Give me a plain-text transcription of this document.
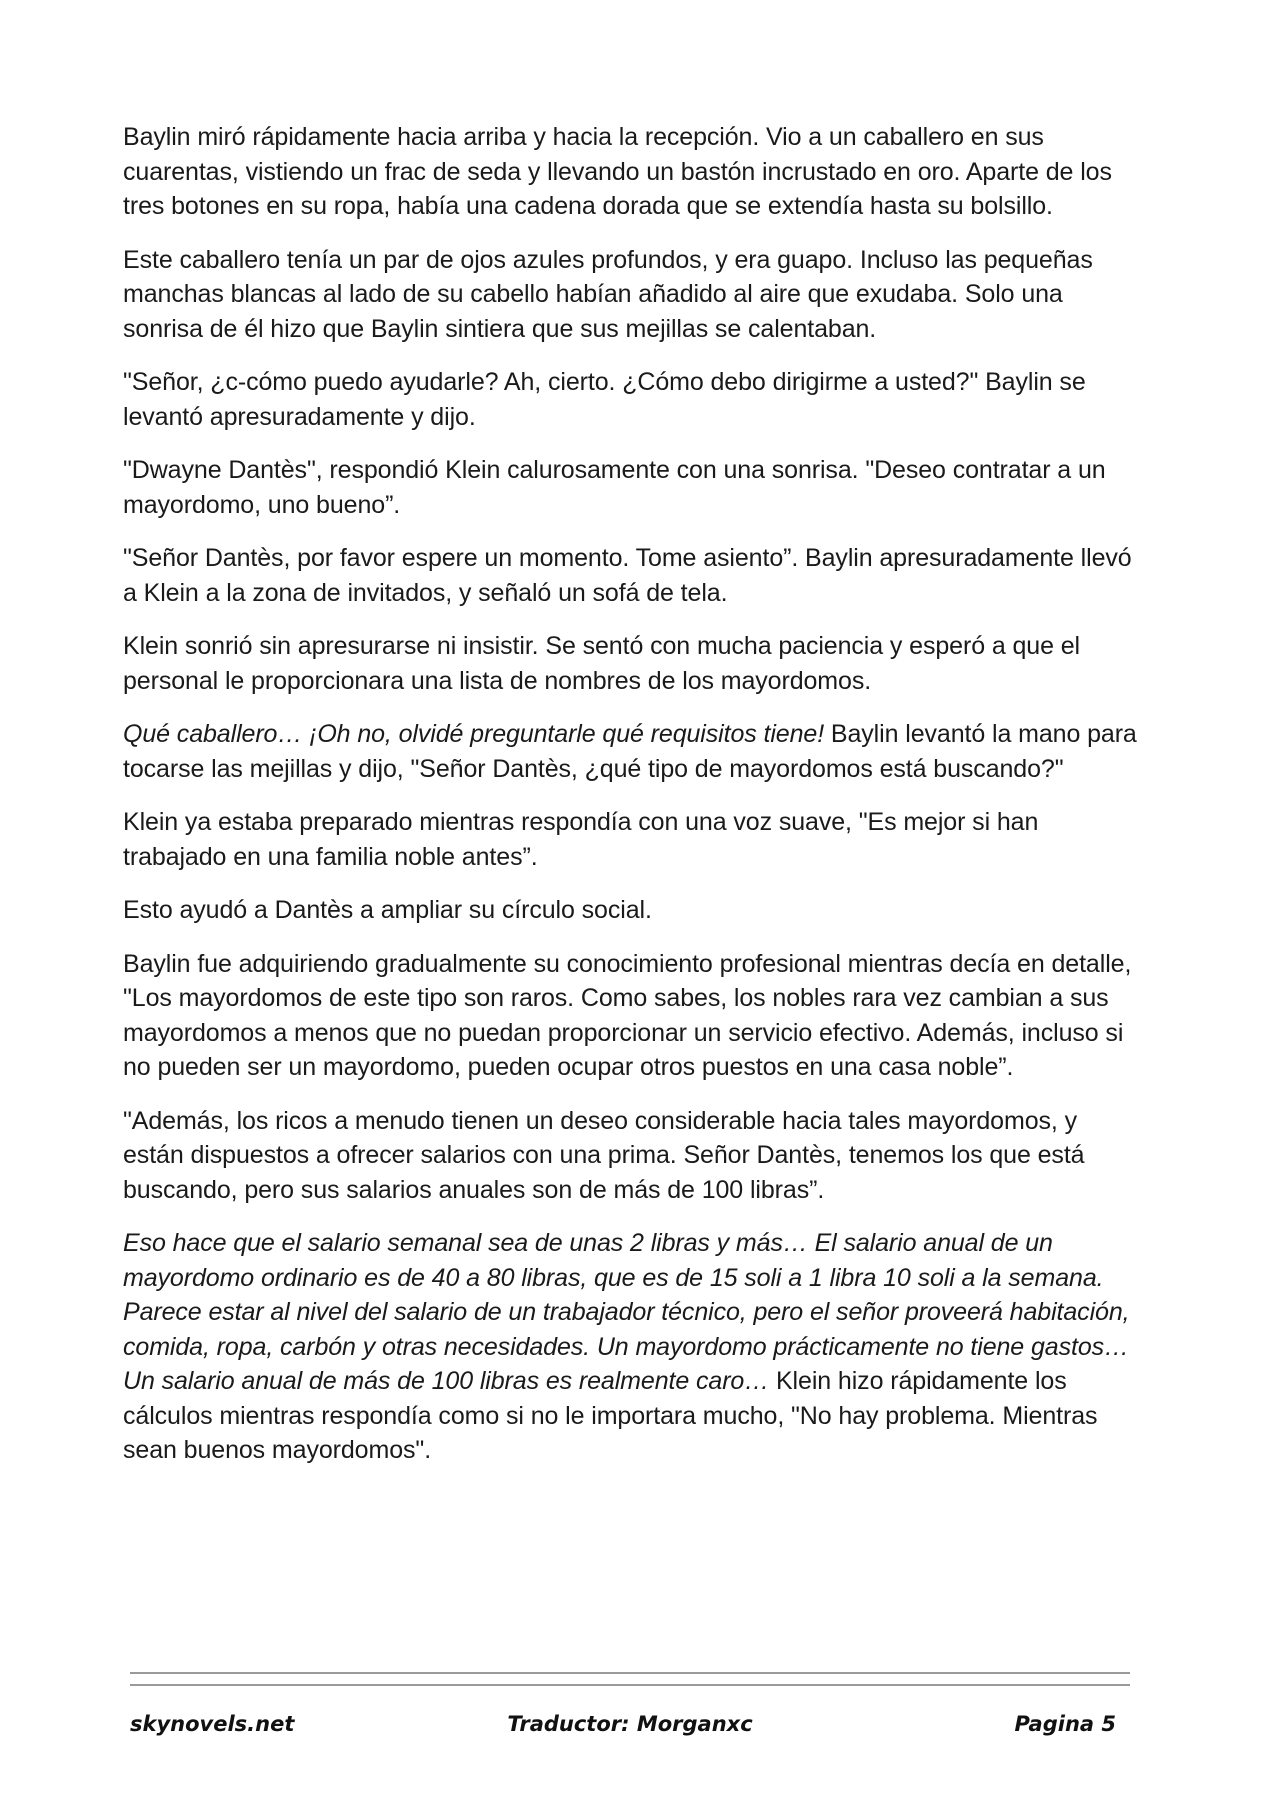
Baylin miró rápidamente hacia arriba y hacia la recepción. Vio a un caballero en sus cuarentas, vistiendo un frac de seda y llevando un bastón incrustado en oro. Aparte de los tres botones en su ropa, había una cadena dorada que se extendía hasta su bolsillo.

Este caballero tenía un par de ojos azules profundos, y era guapo. Incluso las pequeñas manchas blancas al lado de su cabello habían añadido al aire que exudaba. Solo una sonrisa de él hizo que Baylin sintiera que sus mejillas se calentaban.

"Señor, ¿c-cómo puedo ayudarle? Ah, cierto. ¿Cómo debo dirigirme a usted?" Baylin se levantó apresuradamente y dijo.

"Dwayne Dantès", respondió Klein calurosamente con una sonrisa. "Deseo contratar a un mayordomo, uno bueno”.

"Señor Dantès, por favor espere un momento. Tome asiento”. Baylin apresuradamente llevó a Klein a la zona de invitados, y señaló un sofá de tela.

Klein sonrió sin apresurarse ni insistir. Se sentó con mucha paciencia y esperó a que el personal le proporcionara una lista de nombres de los mayordomos.

Qué caballero… ¡Oh no, olvidé preguntarle qué requisitos tiene! Baylin levantó la mano para tocarse las mejillas y dijo, "Señor Dantès, ¿qué tipo de mayordomos está buscando?"

Klein ya estaba preparado mientras respondía con una voz suave, "Es mejor si han trabajado en una familia noble antes”.

Esto ayudó a Dantès a ampliar su círculo social.

Baylin fue adquiriendo gradualmente su conocimiento profesional mientras decía en detalle, "Los mayordomos de este tipo son raros. Como sabes, los nobles rara vez cambian a sus mayordomos a menos que no puedan proporcionar un servicio efectivo. Además, incluso si no pueden ser un mayordomo, pueden ocupar otros puestos en una casa noble”.

"Además, los ricos a menudo tienen un deseo considerable hacia tales mayordomos, y están dispuestos a ofrecer salarios con una prima. Señor Dantès, tenemos los que está buscando, pero sus salarios anuales son de más de 100 libras”.

Eso hace que el salario semanal sea de unas 2 libras y más… El salario anual de un mayordomo ordinario es de 40 a 80 libras, que es de 15 soli a 1 libra 10 soli a la semana. Parece estar al nivel del salario de un trabajador técnico, pero el señor proveerá habitación, comida, ropa, carbón y otras necesidades. Un mayordomo prácticamente no tiene gastos… Un salario anual de más de 100 libras es realmente caro… Klein hizo rápidamente los cálculos mientras respondía como si no le importara mucho, "No hay problema. Mientras sean buenos mayordomos".

skynovels.net	Traductor: Morganxc	Pagina 5
